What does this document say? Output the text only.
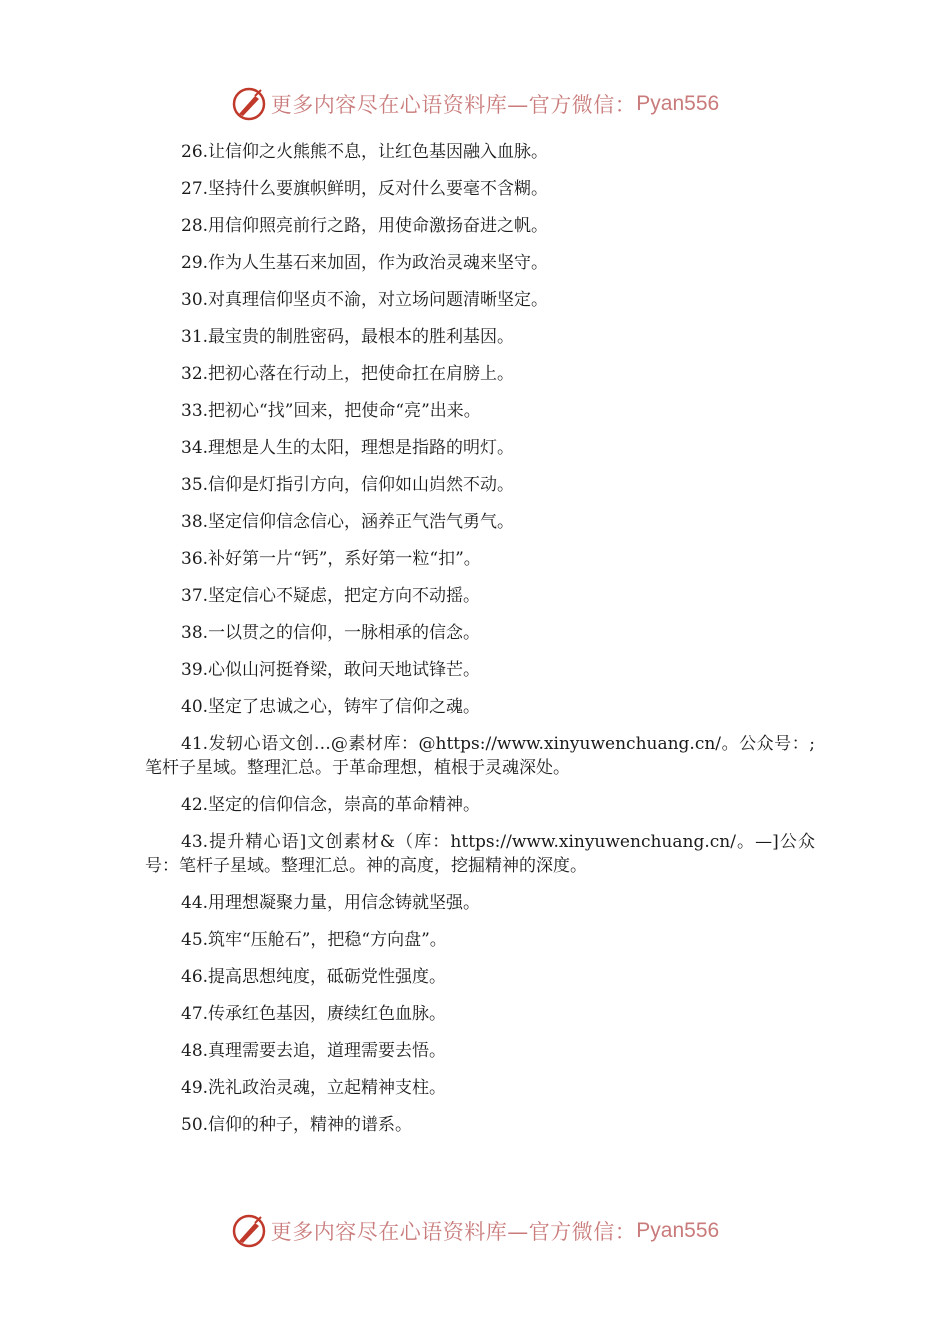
更多内容尽在心语资料库—官方微信： Pyan556

26.让信仰之火熊熊不息，让红色基因融入血脉。

27.坚持什么要旗帜鲜明，反对什么要毫不含糊。

28.用信仰照亮前行之路，用使命激扬奋进之帆。

29.作为人生基石来加固，作为政治灵魂来坚守。

30.对真理信仰坚贞不渝，对立场问题清晰坚定。

31.最宝贵的制胜密码，最根本的胜利基因。

32.把初心落在行动上，把使命扛在肩膀上。

33.把初心“找”回来，把使命“亮”出来。

34.理想是人生的太阳，理想是指路的明灯。

35.信仰是灯指引方向，信仰如山岿然不动。

38.坚定信仰信念信心，涵养正气浩气勇气。

36.补好第一片“钙”，系好第一粒“扣”。

37.坚定信心不疑虑，把定方向不动摇。

38.一以贯之的信仰，一脉相承的信念。

39.心似山河挺脊梁，敢问天地试锋芒。

40.坚定了忠诚之心，铸牢了信仰之魂。

41.发轫心语文创…@素材库：@https://www.xinyuwenchuang.cn/。公众号：;笔杆子星域。整理汇总。于革命理想，植根于灵魂深处。

42.坚定的信仰信念，崇高的革命精神。

43.提升精心语]文创素材&（库：https://www.xinyuwenchuang.cn/。—]公众号：笔杆子星域。整理汇总。神的高度，挖掘精神的深度。

44.用理想凝聚力量，用信念铸就坚强。

45.筑牢“压舱石”，把稳“方向盘”。

46.提高思想纯度，砥砺党性强度。

47.传承红色基因，赓续红色血脉。

48.真理需要去追，道理需要去悟。

49.洗礼政治灵魂，立起精神支柱。

50.信仰的种子，精神的谱系。

更多内容尽在心语资料库—官方微信： Pyan556
